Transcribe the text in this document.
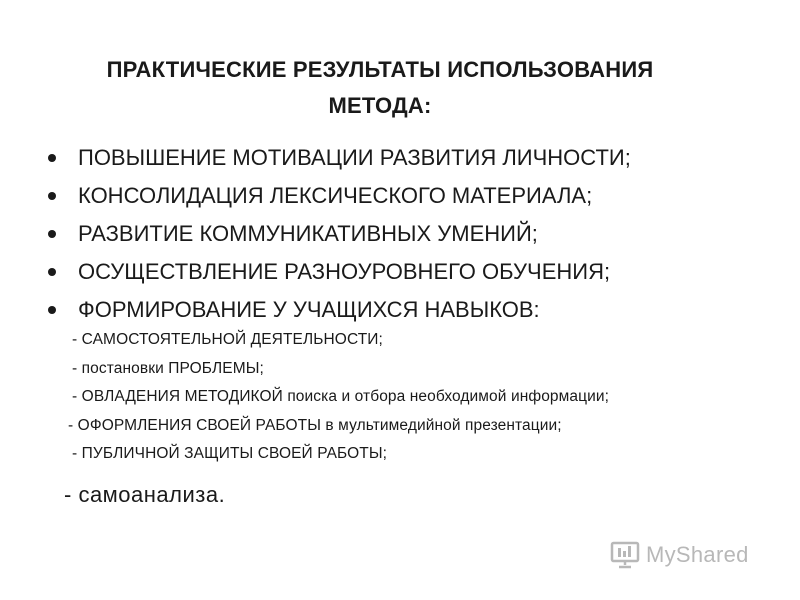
ПРАКТИЧЕСКИЕ РЕЗУЛЬТАТЫ ИСПОЛЬЗОВАНИЯ
МЕТОДА:
ПОВЫШЕНИЕ МОТИВАЦИИ РАЗВИТИЯ ЛИЧНОСТИ;
КОНСОЛИДАЦИЯ ЛЕКСИЧЕСКОГО МАТЕРИАЛА;
РАЗВИТИЕ КОММУНИКАТИВНЫХ УМЕНИЙ;
ОСУЩЕСТВЛЕНИЕ РАЗНОУРОВНЕГО ОБУЧЕНИЯ;
ФОРМИРОВАНИЕ У УЧАЩИХСЯ НАВЫКОВ:
- САМОСТОЯТЕЛЬНОЙ ДЕЯТЕЛЬНОСТИ;
- постановки ПРОБЛЕМЫ;
- ОВЛАДЕНИЯ МЕТОДИКОЙ поиска и отбора необходимой информации;
- ОФОРМЛЕНИЯ СВОЕЙ РАБОТЫ в мультимедийной презентации;
- ПУБЛИЧНОЙ ЗАЩИТЫ СВОЕЙ РАБОТЫ;
- самоанализа.
MyShared
